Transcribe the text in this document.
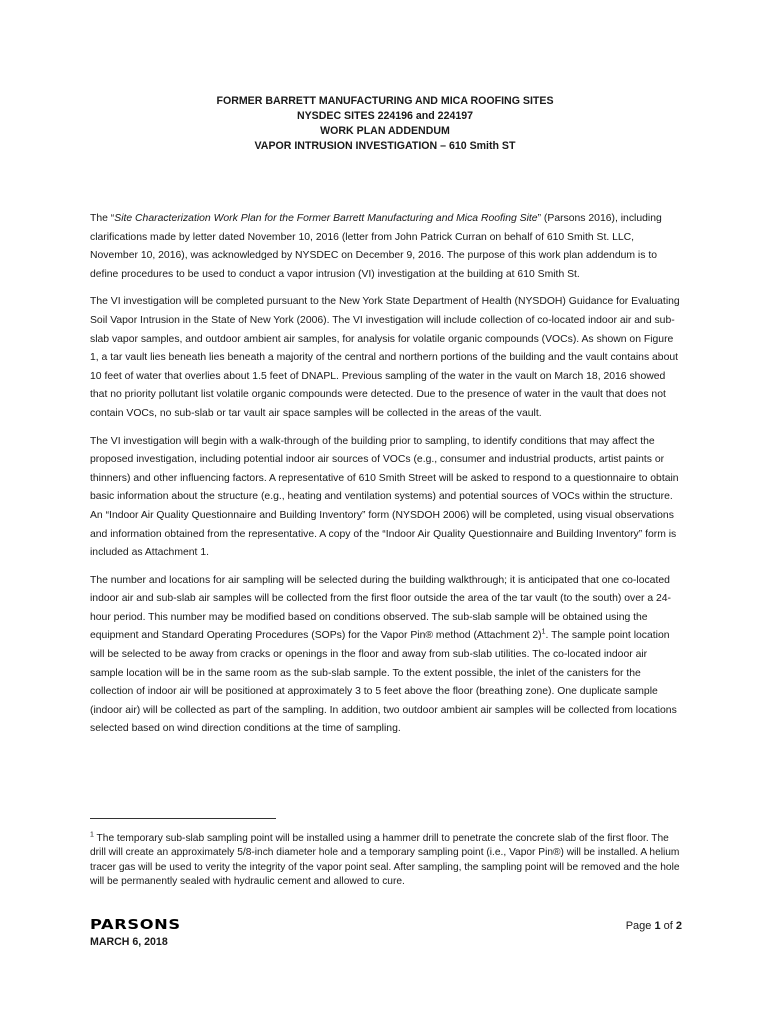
FORMER BARRETT MANUFACTURING AND MICA ROOFING SITES
NYSDEC SITES 224196 and 224197
WORK PLAN ADDENDUM
VAPOR INTRUSION INVESTIGATION – 610 Smith ST

The “Site Characterization Work Plan for the Former Barrett Manufacturing and Mica Roofing Site” (Parsons 2016), including clarifications made by letter dated November 10, 2016 (letter from John Patrick Curran on behalf of 610 Smith St. LLC, November 10, 2016), was acknowledged by NYSDEC on December 9, 2016. The purpose of this work plan addendum is to define procedures to be used to conduct a vapor intrusion (VI) investigation at the building at 610 Smith St.

The VI investigation will be completed pursuant to the New York State Department of Health (NYSDOH) Guidance for Evaluating Soil Vapor Intrusion in the State of New York (2006). The VI investigation will include collection of co-located indoor air and sub-slab vapor samples, and outdoor ambient air samples, for analysis for volatile organic compounds (VOCs). As shown on Figure 1, a tar vault lies beneath lies beneath a majority of the central and northern portions of the building and the vault contains about 10 feet of water that overlies about 1.5 feet of DNAPL. Previous sampling of the water in the vault on March 18, 2016 showed that no priority pollutant list volatile organic compounds were detected. Due to the presence of water in the vault that does not contain VOCs, no sub-slab or tar vault air space samples will be collected in the areas of the vault.

The VI investigation will begin with a walk-through of the building prior to sampling, to identify conditions that may affect the proposed investigation, including potential indoor air sources of VOCs (e.g., consumer and industrial products, artist paints or thinners) and other influencing factors. A representative of 610 Smith Street will be asked to respond to a questionnaire to obtain basic information about the structure (e.g., heating and ventilation systems) and potential sources of VOCs within the structure. An “Indoor Air Quality Questionnaire and Building Inventory” form (NYSDOH 2006) will be completed, using visual observations and information obtained from the representative. A copy of the “Indoor Air Quality Questionnaire and Building Inventory” form is included as Attachment 1.

The number and locations for air sampling will be selected during the building walkthrough; it is anticipated that one co-located indoor air and sub-slab air samples will be collected from the first floor outside the area of the tar vault (to the south) over a 24-hour period. This number may be modified based on conditions observed. The sub-slab sample will be obtained using the equipment and Standard Operating Procedures (SOPs) for the Vapor Pin® method (Attachment 2)$^1$. The sample point location will be selected to be away from cracks or openings in the floor and away from sub-slab utilities. The co-located indoor air sample location will be in the same room as the sub-slab sample. To the extent possible, the inlet of the canisters for the collection of indoor air will be positioned at approximately 3 to 5 feet above the floor (breathing zone). One duplicate sample (indoor air) will be collected as part of the sampling. In addition, two outdoor ambient air samples will be collected from locations selected based on wind direction conditions at the time of sampling.

$^1$ The temporary sub-slab sampling point will be installed using a hammer drill to penetrate the concrete slab of the first floor. The drill will create an approximately 5/8-inch diameter hole and a temporary sampling point (i.e., Vapor Pin®) will be installed. A helium tracer gas will be used to verity the integrity of the vapor point seal. After sampling, the sampling point will be removed and the hole will be permanently sealed with hydraulic cement and allowed to cure.
PARSONS
MARCH 6, 2018
Page 1 of 2
